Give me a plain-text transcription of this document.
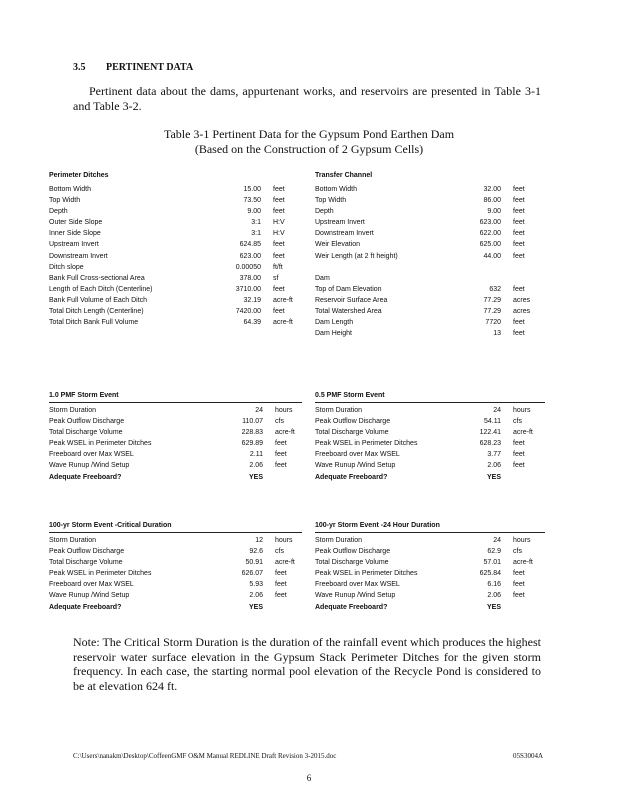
3.5 PERTINENT DATA
Pertinent data about the dams, appurtenant works, and reservoirs are presented in Table 3-1 and Table 3-2.
Table 3-1 Pertinent Data for the Gypsum Pond Earthen Dam
(Based on the Construction of 2 Gypsum Cells)
Perimeter Ditches
Bottom Width	15.00 feet
Top Width	73.50 feet
Depth	9.00 feet
Outer Side Slope	3:1 H:V
Inner Side Slope	3:1 H:V
Upstream Invert	624.85 feet
Downstream Invert	623.00 feet
Ditch slope	0.00050 ft/ft
Bank Full Cross-sectional Area	378.00 sf
Length of Each Ditch (Centerline)	3710.00 feet
Bank Full Volume of Each Ditch	32.19 acre-ft
Total Ditch Length (Centerline)	7420.00 feet
Total Ditch Bank Full Volume	64.39 acre-ft
Transfer Channel
Bottom Width	32.00 feet
Top Width	86.00 feet
Depth	9.00 feet
Upstream Invert	623.00 feet
Downstream Invert	622.00 feet
Weir Elevation	625.00 feet
Weir Length (at 2 ft height)	44.00 feet
Dam
Top of Dam Elevation	632 feet
Reservoir Surface Area	77.29 acres
Total Watershed Area	77.29 acres
Dam Length	7720 feet
Dam Height	13 feet
1.0 PMF Storm Event
Storm Duration	24 hours
Peak Outflow Discharge	110.07 cfs
Total Discharge Volume	228.83 acre-ft
Peak WSEL in Perimeter Ditches	629.89 feet
Freeboard over Max WSEL	2.11 feet
Wave Runup /Wind Setup	2.06 feet
Adequate Freeboard?	YES
0.5 PMF Storm Event
Storm Duration	24 hours
Peak Outflow Discharge	54.11 cfs
Total Discharge Volume	122.41 acre-ft
Peak WSEL in Perimeter Ditches	628.23 feet
Freeboard over Max WSEL	3.77 feet
Wave Runup /Wind Setup	2.06 feet
Adequate Freeboard?	YES
100-yr Storm Event -Critical Duration
Storm Duration	12 hours
Peak Outflow Discharge	92.6 cfs
Total Discharge Volume	50.91 acre-ft
Peak WSEL in Perimeter Ditches	626.07 feet
Freeboard over Max WSEL	5.93 feet
Wave Runup /Wind Setup	2.06 feet
Adequate Freeboard?	YES
100-yr Storm Event -24 Hour Duration
Storm Duration	24 hours
Peak Outflow Discharge	62.9 cfs
Total Discharge Volume	57.01 acre-ft
Peak WSEL in Perimeter Ditches	625.84 feet
Freeboard over Max WSEL	6.16 feet
Wave Runup /Wind Setup	2.06 feet
Adequate Freeboard?	YES
Note: The Critical Storm Duration is the duration of the rainfall event which produces the highest reservoir water surface elevation in the Gypsum Stack Perimeter Ditches for the given storm frequency. In each case, the starting normal pool elevation of the Recycle Pond is considered to be at elevation 624 ft.
C:\Users\nanakm\Desktop\CoffeenGMF O&M Manual REDLINE Draft Revision 3-2015.doc	05S3004A
6
